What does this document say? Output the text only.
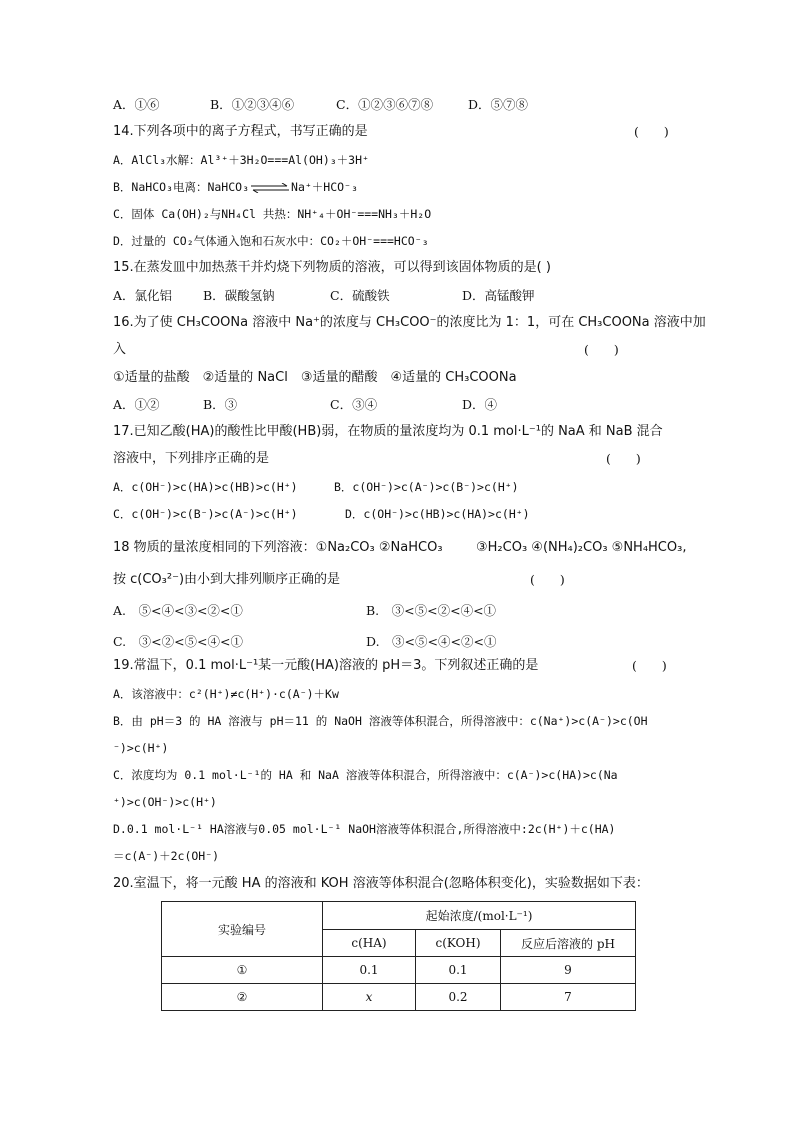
A．①⑥	B．①②③④⑥	C．①②③⑥⑦⑧	D．⑤⑦⑧
14.下列各项中的离子方程式，书写正确的是	(　　)
A．AlCl₃水解：Al³⁺＋3H₂O===Al(OH)₃＋3H⁺
B．NaHCO₃电离：NaHCO₃⇌Na⁺＋HCO⁻₃
C．固体 Ca(OH)₂与NH₄Cl 共热：NH⁺₄＋OH⁻===NH₃＋H₂O
D．过量的 CO₂气体通入饱和石灰水中：CO₂＋OH⁻===HCO⁻₃
15.在蒸发皿中加热蒸干并灼烧下列物质的溶液，可以得到该固体物质的是( )
A．氯化铝 B．碳酸氢钠	C．硫酸铁	D．高锰酸钾
16.为了使 CH₃COONa 溶液中 Na⁺的浓度与 CH₃COO⁻的浓度比为 1：1，可在 CH₃COONa 溶液中加
入	(　　)
①适量的盐酸　②适量的 NaCl　③适量的醋酸　④适量的 CH₃COONa
A．①②	B．③	C．③④	D．④
17.已知乙酸(HA)的酸性比甲酸(HB)弱，在物质的量浓度均为 0.1 mol·L⁻¹的 NaA 和 NaB 混合
溶液中，下列排序正确的是	(　　)
A．c(OH⁻)>c(HA)>c(HB)>c(H⁺)	B．c(OH⁻)>c(A⁻)>c(B⁻)>c(H⁺)
C．c(OH⁻)>c(B⁻)>c(A⁻)>c(H⁺)	D．c(OH⁻)>c(HB)>c(HA)>c(H⁺)
18 物质的量浓度相同的下列溶液：①Na₂CO₃ ②NaHCO₃	③H₂CO₃ ④(NH₄)₂CO₃ ⑤NH₄HCO₃,
按 c(CO₃²⁻)由小到大排列顺序正确的是	(　　)
A.　⑤<④<③<②<①	B.　③<⑤<②<④<①
C.　③<②<⑤<④<①	D.　③<⑤<④<②<①
19.常温下，0.1 mol·L⁻¹某一元酸(HA)溶液的 pH＝3。下列叙述正确的是	(　　)
A．该溶液中：c²(H⁺)≠c(H⁺)·c(A⁻)＋Kw
B．由 pH＝3 的 HA 溶液与 pH＝11 的 NaOH 溶液等体积混合，所得溶液中：c(Na⁺)>c(A⁻)>c(OH
⁻)>c(H⁺)
C．浓度均为 0.1 mol·L⁻¹的 HA 和 NaA 溶液等体积混合，所得溶液中：c(A⁻)>c(HA)>c(Na
⁺)>c(OH⁻)>c(H⁺)
D.0.1 mol·L⁻¹ HA溶液与0.05 mol·L⁻¹ NaOH溶液等体积混合,所得溶液中:2c(H⁺)＋c(HA)
＝c(A⁻)＋2c(OH⁻)
20.室温下，将一元酸 HA 的溶液和 KOH 溶液等体积混合(忽略体积变化)，实验数据如下表：
实验编号	起始浓度/(mol·L⁻¹)		
	c(HA)	c(KOH)	反应后溶液的 pH
①	0.1	0.1	9
②	x	0.2	7
